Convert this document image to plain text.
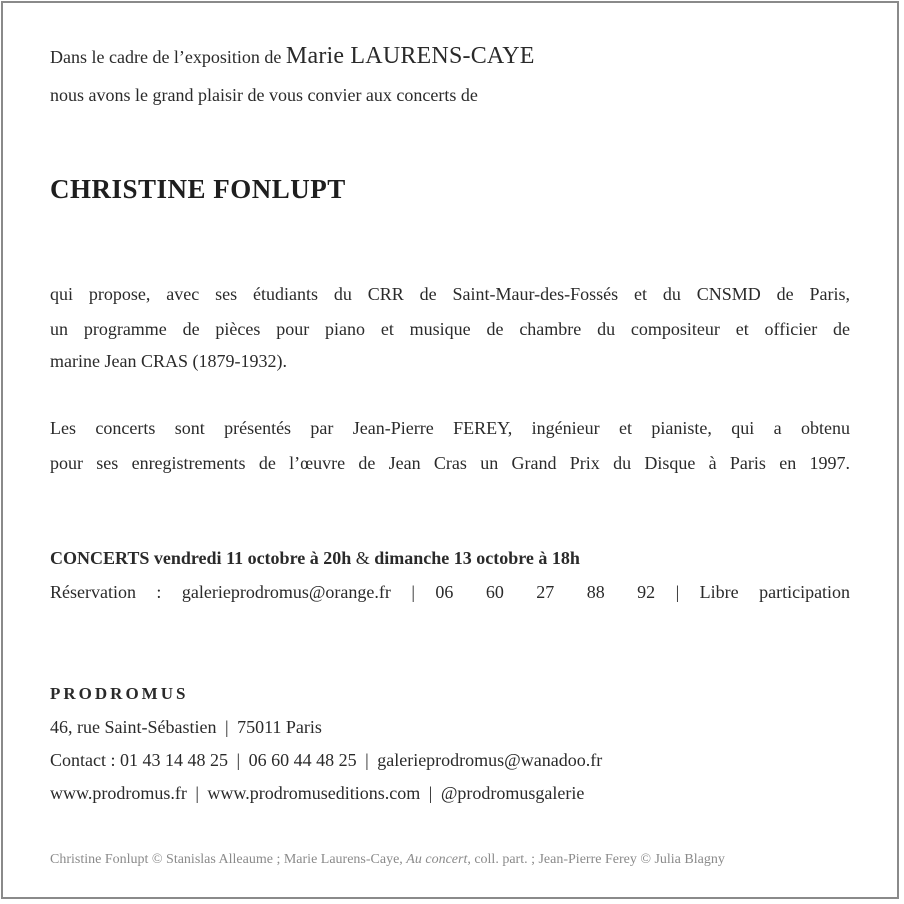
Dans le cadre de l’exposition de Marie LAURENS-CAYE
nous avons le grand plaisir de vous convier aux concerts de
CHRISTINE FONLUPT
qui propose, avec ses étudiants du CRR de Saint-Maur-des-Fossés et du CNSMD de Paris,
un programme de pièces pour piano et musique de chambre du compositeur et officier de
marine Jean CRAS (1879-1932).
Les concerts sont présentés par Jean-Pierre FEREY, ingénieur et pianiste, qui a obtenu
pour ses enregistrements de l’œuvre de Jean Cras un Grand Prix du Disque à Paris en 1997.
CONCERTS vendredi 11 octobre à 20h & dimanche 13 octobre à 18h
Réservation : galerieprodromus@orange.fr | 06 60 27 88 92 | Libre participation
PRODROMUS
46, rue Saint-Sébastien | 75011 Paris
Contact : 01 43 14 48 25 | 06 60 44 48 25 | galerieprodromus@wanadoo.fr
www.prodromus.fr | www.prodromuseditions.com | @prodromusgalerie
Christine Fonlupt © Stanislas Alleaume ; Marie Laurens-Caye, Au concert, coll. part. ; Jean-Pierre Ferey © Julia Blagny
